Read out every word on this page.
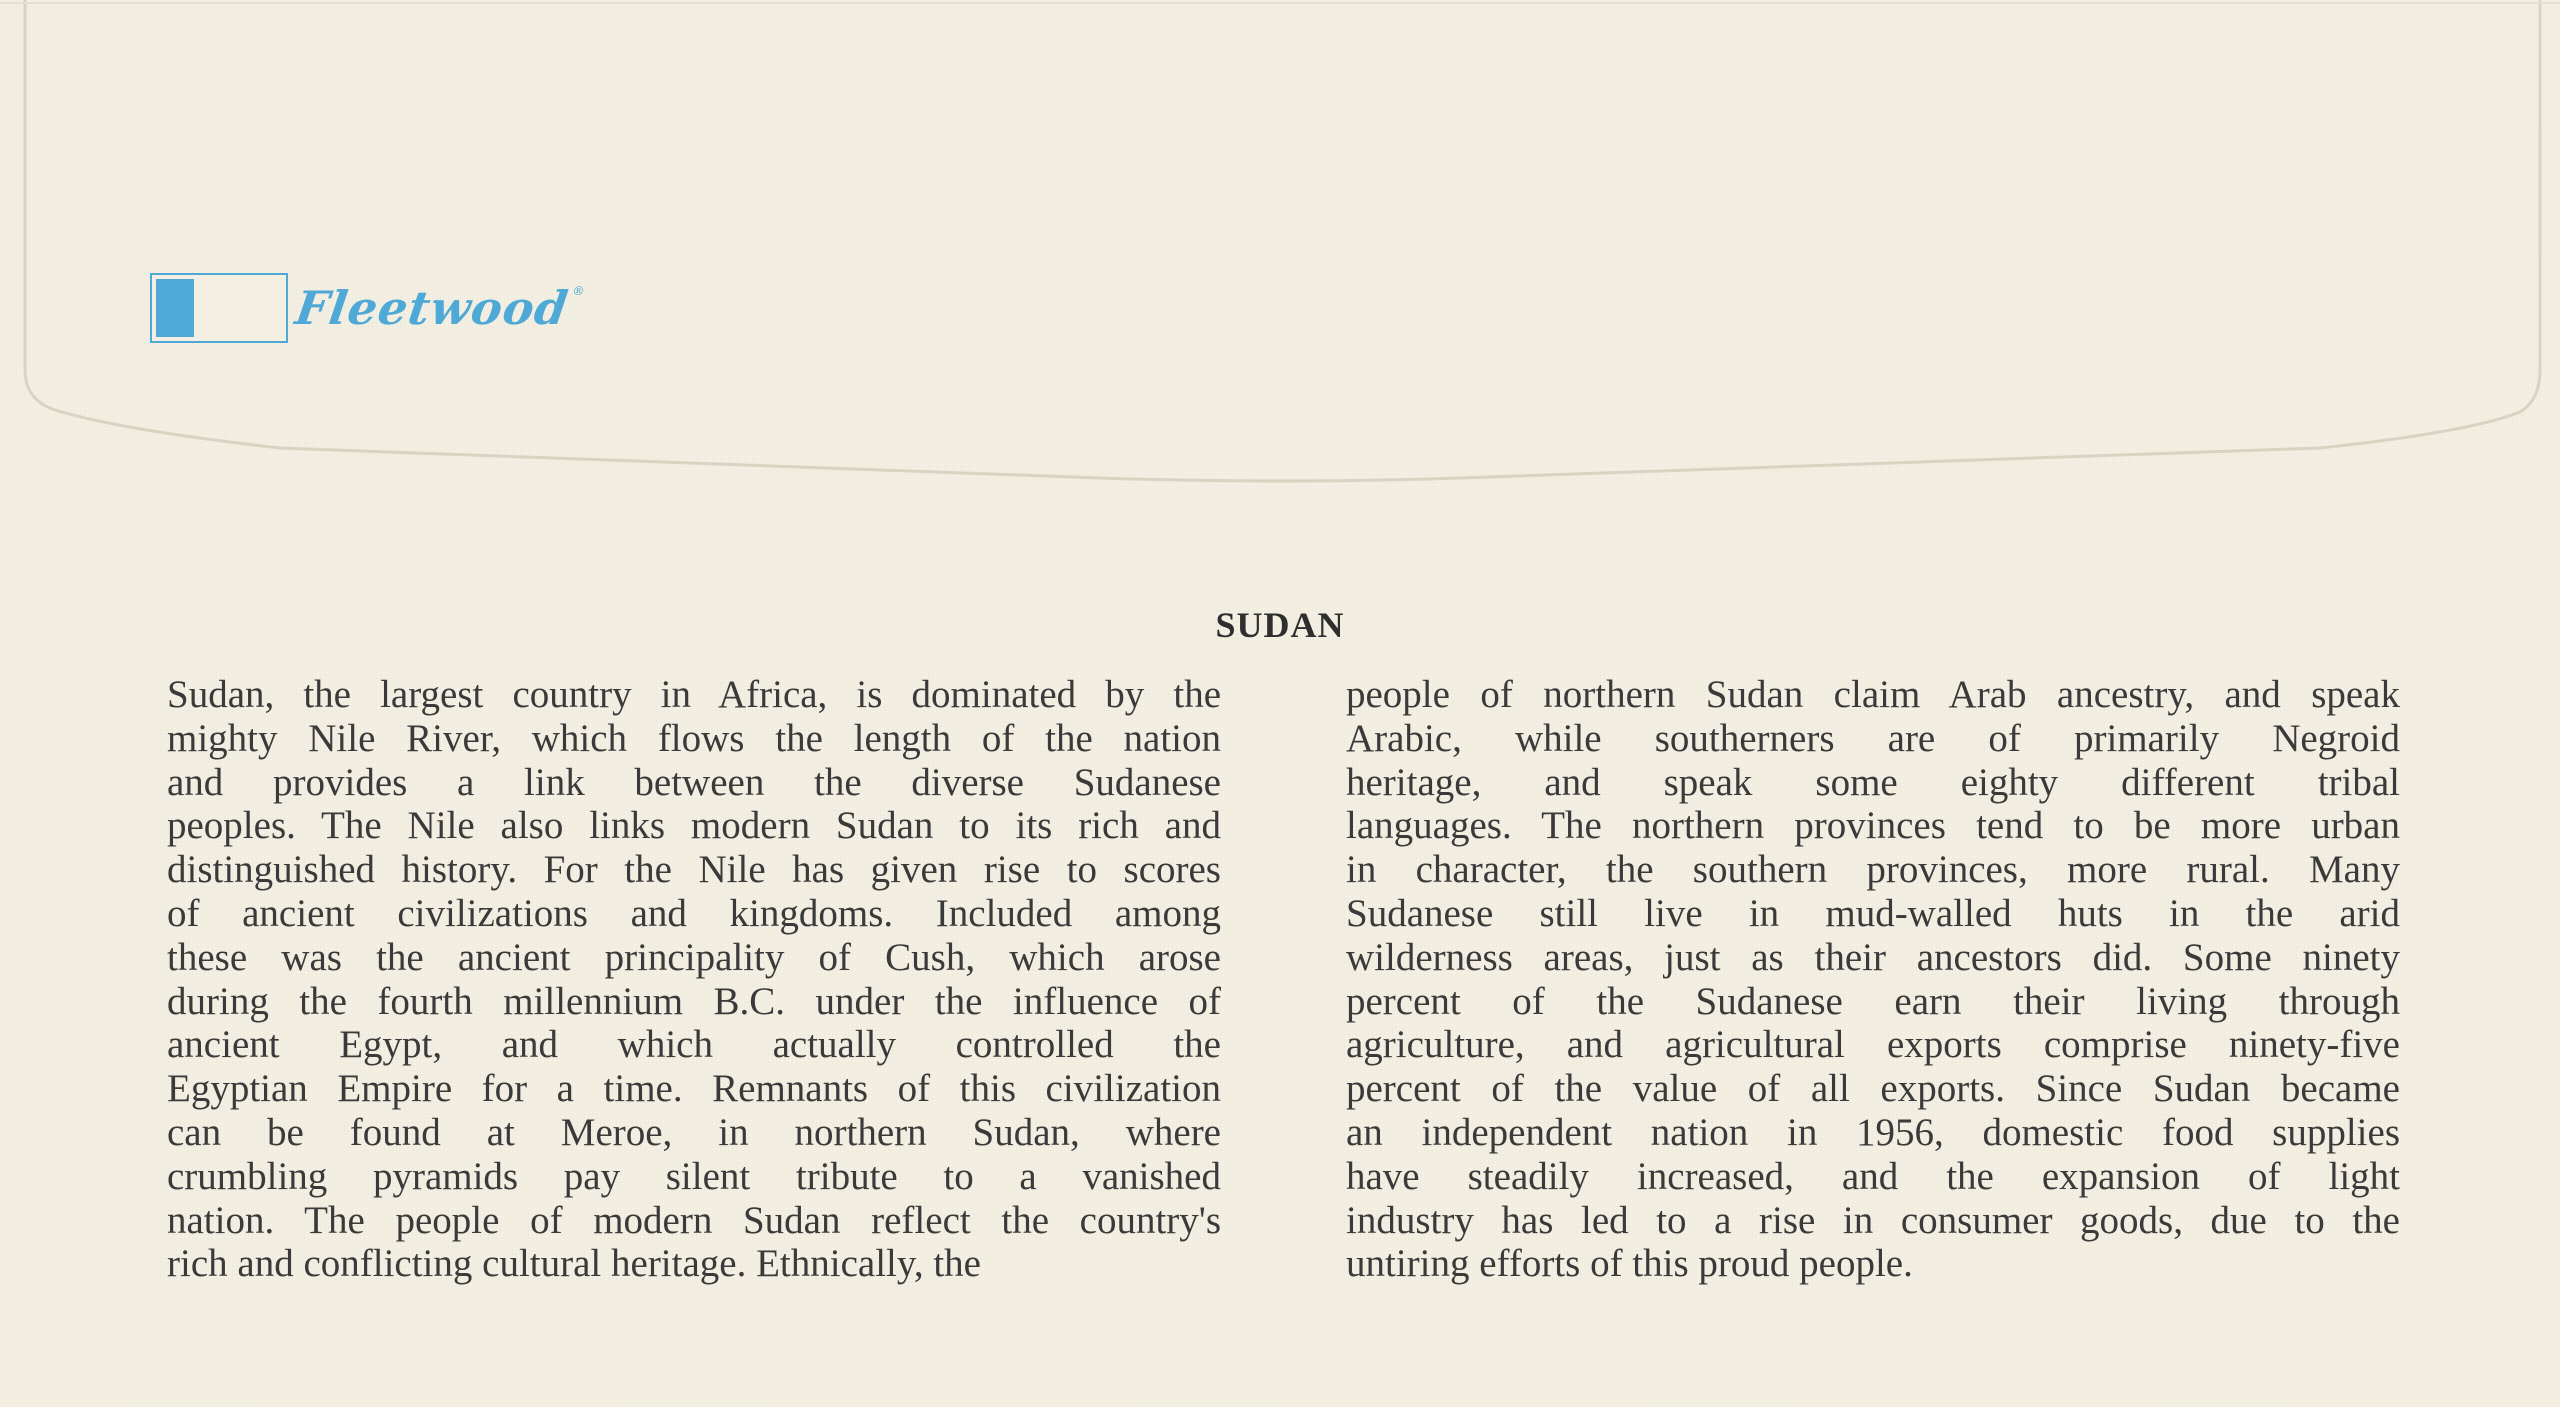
Fleetwood®
SUDAN
Sudan, the largest country in Africa, is dominated by the
mighty Nile River, which flows the length of the nation
and provides a link between the diverse Sudanese
peoples. The Nile also links modern Sudan to its rich and
distinguished history. For the Nile has given rise to scores
of ancient civilizations and kingdoms. Included among
these was the ancient principality of Cush, which arose
during the fourth millennium B.C. under the influence of
ancient Egypt, and which actually controlled the
Egyptian Empire for a time. Remnants of this civilization
can be found at Meroe, in northern Sudan, where
crumbling pyramids pay silent tribute to a vanished
nation. The people of modern Sudan reflect the country's
rich and conflicting cultural heritage. Ethnically, the
people of northern Sudan claim Arab ancestry, and speak
Arabic, while southerners are of primarily Negroid
heritage, and speak some eighty different tribal
languages. The northern provinces tend to be more urban
in character, the southern provinces, more rural. Many
Sudanese still live in mud-walled huts in the arid
wilderness areas, just as their ancestors did. Some ninety
percent of the Sudanese earn their living through
agriculture, and agricultural exports comprise ninety-five
percent of the value of all exports. Since Sudan became
an independent nation in 1956, domestic food supplies
have steadily increased, and the expansion of light
industry has led to a rise in consumer goods, due to the
untiring efforts of this proud people.
